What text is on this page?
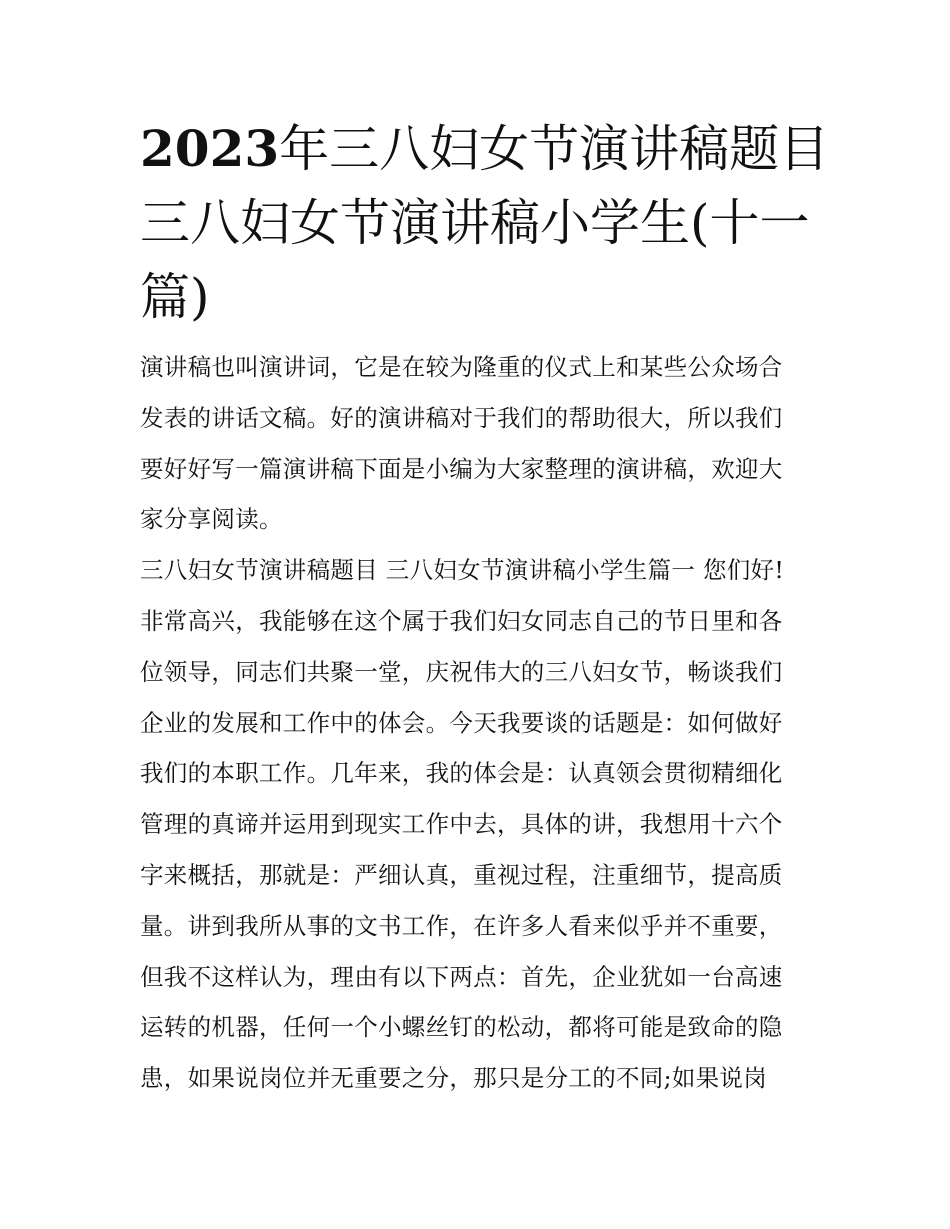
2023年三八妇女节演讲稿题目
三八妇女节演讲稿小学生(十一
篇)
演讲稿也叫演讲词，它是在较为隆重的仪式上和某些公众场合
发表的讲话文稿。好的演讲稿对于我们的帮助很大，所以我们
要好好写一篇演讲稿下面是小编为大家整理的演讲稿，欢迎大
家分享阅读。
三八妇女节演讲稿题目 三八妇女节演讲稿小学生篇一 您们好!
非常高兴，我能够在这个属于我们妇女同志自己的节日里和各
位领导，同志们共聚一堂，庆祝伟大的三八妇女节，畅谈我们
企业的发展和工作中的体会。今天我要谈的话题是：如何做好
我们的本职工作。几年来，我的体会是：认真领会贯彻精细化
管理的真谛并运用到现实工作中去，具体的讲，我想用十六个
字来概括，那就是：严细认真，重视过程，注重细节，提高质
量。讲到我所从事的文书工作，在许多人看来似乎并不重要，
但我不这样认为，理由有以下两点：首先，企业犹如一台高速
运转的机器，任何一个小螺丝钉的松动，都将可能是致命的隐
患，如果说岗位并无重要之分，那只是分工的不同;如果说岗
